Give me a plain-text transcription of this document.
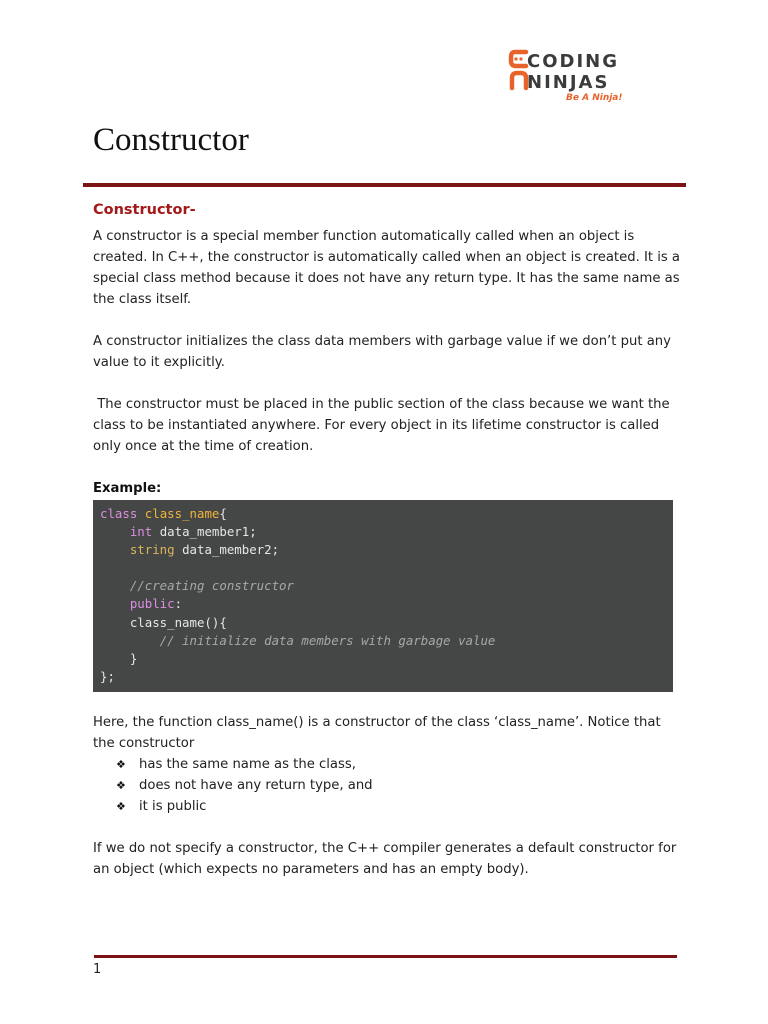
CODING
NINJAS
Be A Ninja!
Constructor
Constructor-

A constructor is a special member function automatically called when an object is created. In C++, the constructor is automatically called when an object is created. It is a special class method because it does not have any return type. It has the same name as the class itself.

A constructor initializes the class data members with garbage value if we don’t put any value to it explicitly.

The constructor must be placed in the public section of the class because we want the class to be instantiated anywhere. For every object in its lifetime constructor is called only once at the time of creation.

Example:

class class_name{
int data_member1;
string data_member2;
//creating constructor
public:
class_name(){
// initialize data members with garbage value
}
};

Here, the function class_name() is a constructor of the class ‘class_name’. Notice that the constructor

❖ has the same name as the class,
❖ does not have any return type, and
❖ it is public

If we do not specify a constructor, the C++ compiler generates a default constructor for an object (which expects no parameters and has an empty body).

1
